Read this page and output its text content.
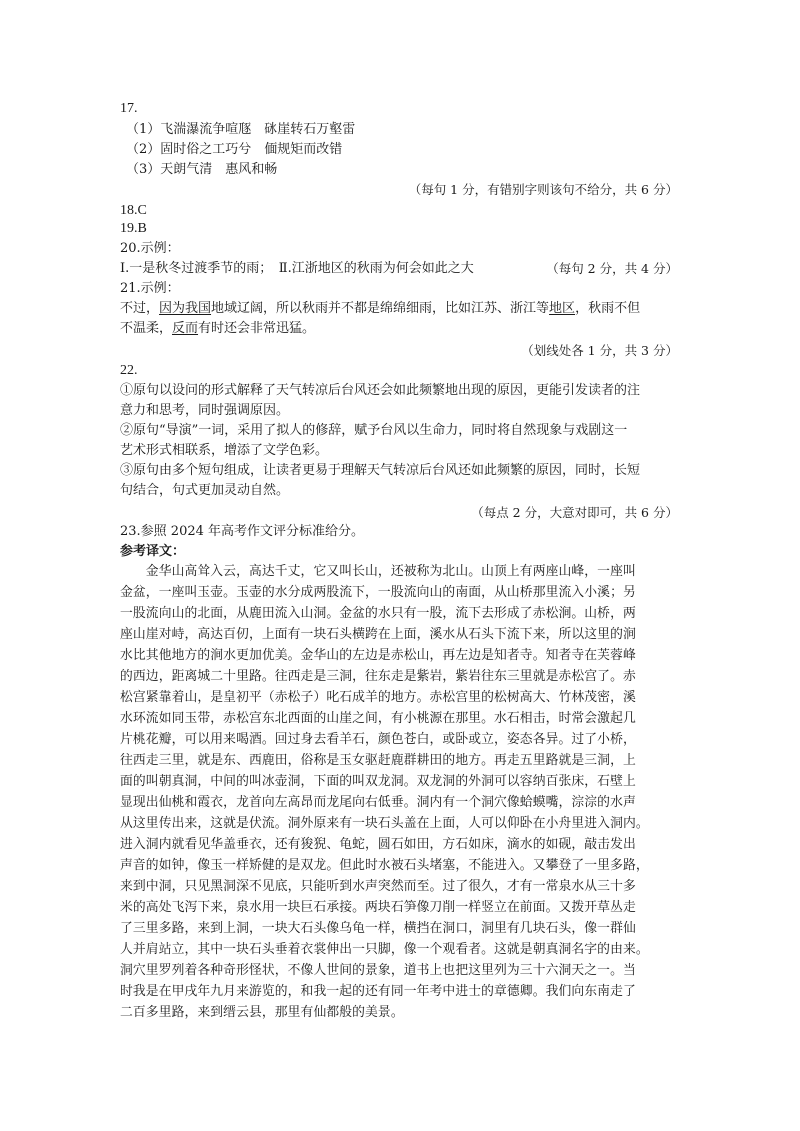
17.
（1）飞湍瀑流争喧豗　砯崖转石万壑雷
（2）固时俗之工巧兮　偭规矩而改错
（3）天朗气清　惠风和畅
（每句 1 分，有错别字则该句不给分，共 6 分）
18.C
19.B
20.示例：
Ⅰ.一是秋冬过渡季节的雨；　Ⅱ.江浙地区的秋雨为何会如此之大	（每句 2 分，共 4 分）
21.示例：
不过，因为我国地域辽阔，所以秋雨并不都是绵绵细雨，比如江苏、浙江等地区，秋雨不但
不温柔，反而有时还会非常迅猛。
（划线处各 1 分，共 3 分）
22.
①原句以设问的形式解释了天气转凉后台风还会如此频繁地出现的原因，更能引发读者的注
意力和思考，同时强调原因。
②原句“导演”一词，采用了拟人的修辞，赋予台风以生命力，同时将自然现象与戏剧这一
艺术形式相联系，增添了文学色彩。
③原句由多个短句组成，让读者更易于理解天气转凉后台风还如此频繁的原因，同时，长短
句结合，句式更加灵动自然。
（每点 2 分，大意对即可，共 6 分）
23.参照 2024 年高考作文评分标准给分。
参考译文：
　　金华山高耸入云，高达千丈，它又叫长山，还被称为北山。山顶上有两座山峰，一座叫
金盆，一座叫玉壶。玉壶的水分成两股流下，一股流向山的南面，从山桥那里流入小溪；另
一股流向山的北面，从鹿田流入山洞。金盆的水只有一股，流下去形成了赤松涧。山桥，两
座山崖对峙，高达百仞，上面有一块石头横跨在上面，溪水从石头下流下来，所以这里的涧
水比其他地方的涧水更加优美。金华山的左边是赤松山，再左边是知者寺。知者寺在芙蓉峰
的西边，距离城二十里路。往西走是三洞，往东走是紫岩，紫岩往东三里就是赤松宫了。赤
松宫紧靠着山，是皇初平（赤松子）叱石成羊的地方。赤松宫里的松树高大、竹林茂密，溪
水环流如同玉带，赤松宫东北西面的山崖之间，有小桃源在那里。水石相击，时常会激起几
片桃花瓣，可以用来喝酒。回过身去看羊石，颜色苍白，或卧或立，姿态各异。过了小桥，
往西走三里，就是东、西鹿田，俗称是玉女驱赶鹿群耕田的地方。再走五里路就是三洞，上
面的叫朝真洞，中间的叫冰壶洞，下面的叫双龙洞。双龙洞的外洞可以容纳百张床，石壁上
显现出仙桃和霞衣，龙首向左高昂而龙尾向右低垂。洞内有一个洞穴像蛤蟆嘴，淙淙的水声
从这里传出来，这就是伏流。洞外原来有一块石头盖在上面，人可以仰卧在小舟里进入洞内。
进入洞内就看见华盖垂衣，还有狻猊、龟蛇，圆石如田，方石如床，滴水的如砚，敲击发出
声音的如钟，像玉一样矫健的是双龙。但此时水被石头堵塞，不能进入。又攀登了一里多路，
来到中洞，只见黑洞深不见底，只能听到水声突然而至。过了很久，才有一常泉水从三十多
米的高处飞泻下来，泉水用一块巨石承接。两块石笋像刀削一样竖立在前面。又拨开草丛走
了三里多路，来到上洞，一块大石头像乌龟一样，横挡在洞口，洞里有几块石头，像一群仙
人并肩站立，其中一块石头垂着衣裳伸出一只脚，像一个观看者。这就是朝真洞名字的由来。
洞穴里罗列着各种奇形怪状，不像人世间的景象，道书上也把这里列为三十六洞天之一。当
时我是在甲戌年九月来游览的，和我一起的还有同一年考中进士的章德卿。我们向东南走了
二百多里路，来到缙云县，那里有仙都般的美景。
